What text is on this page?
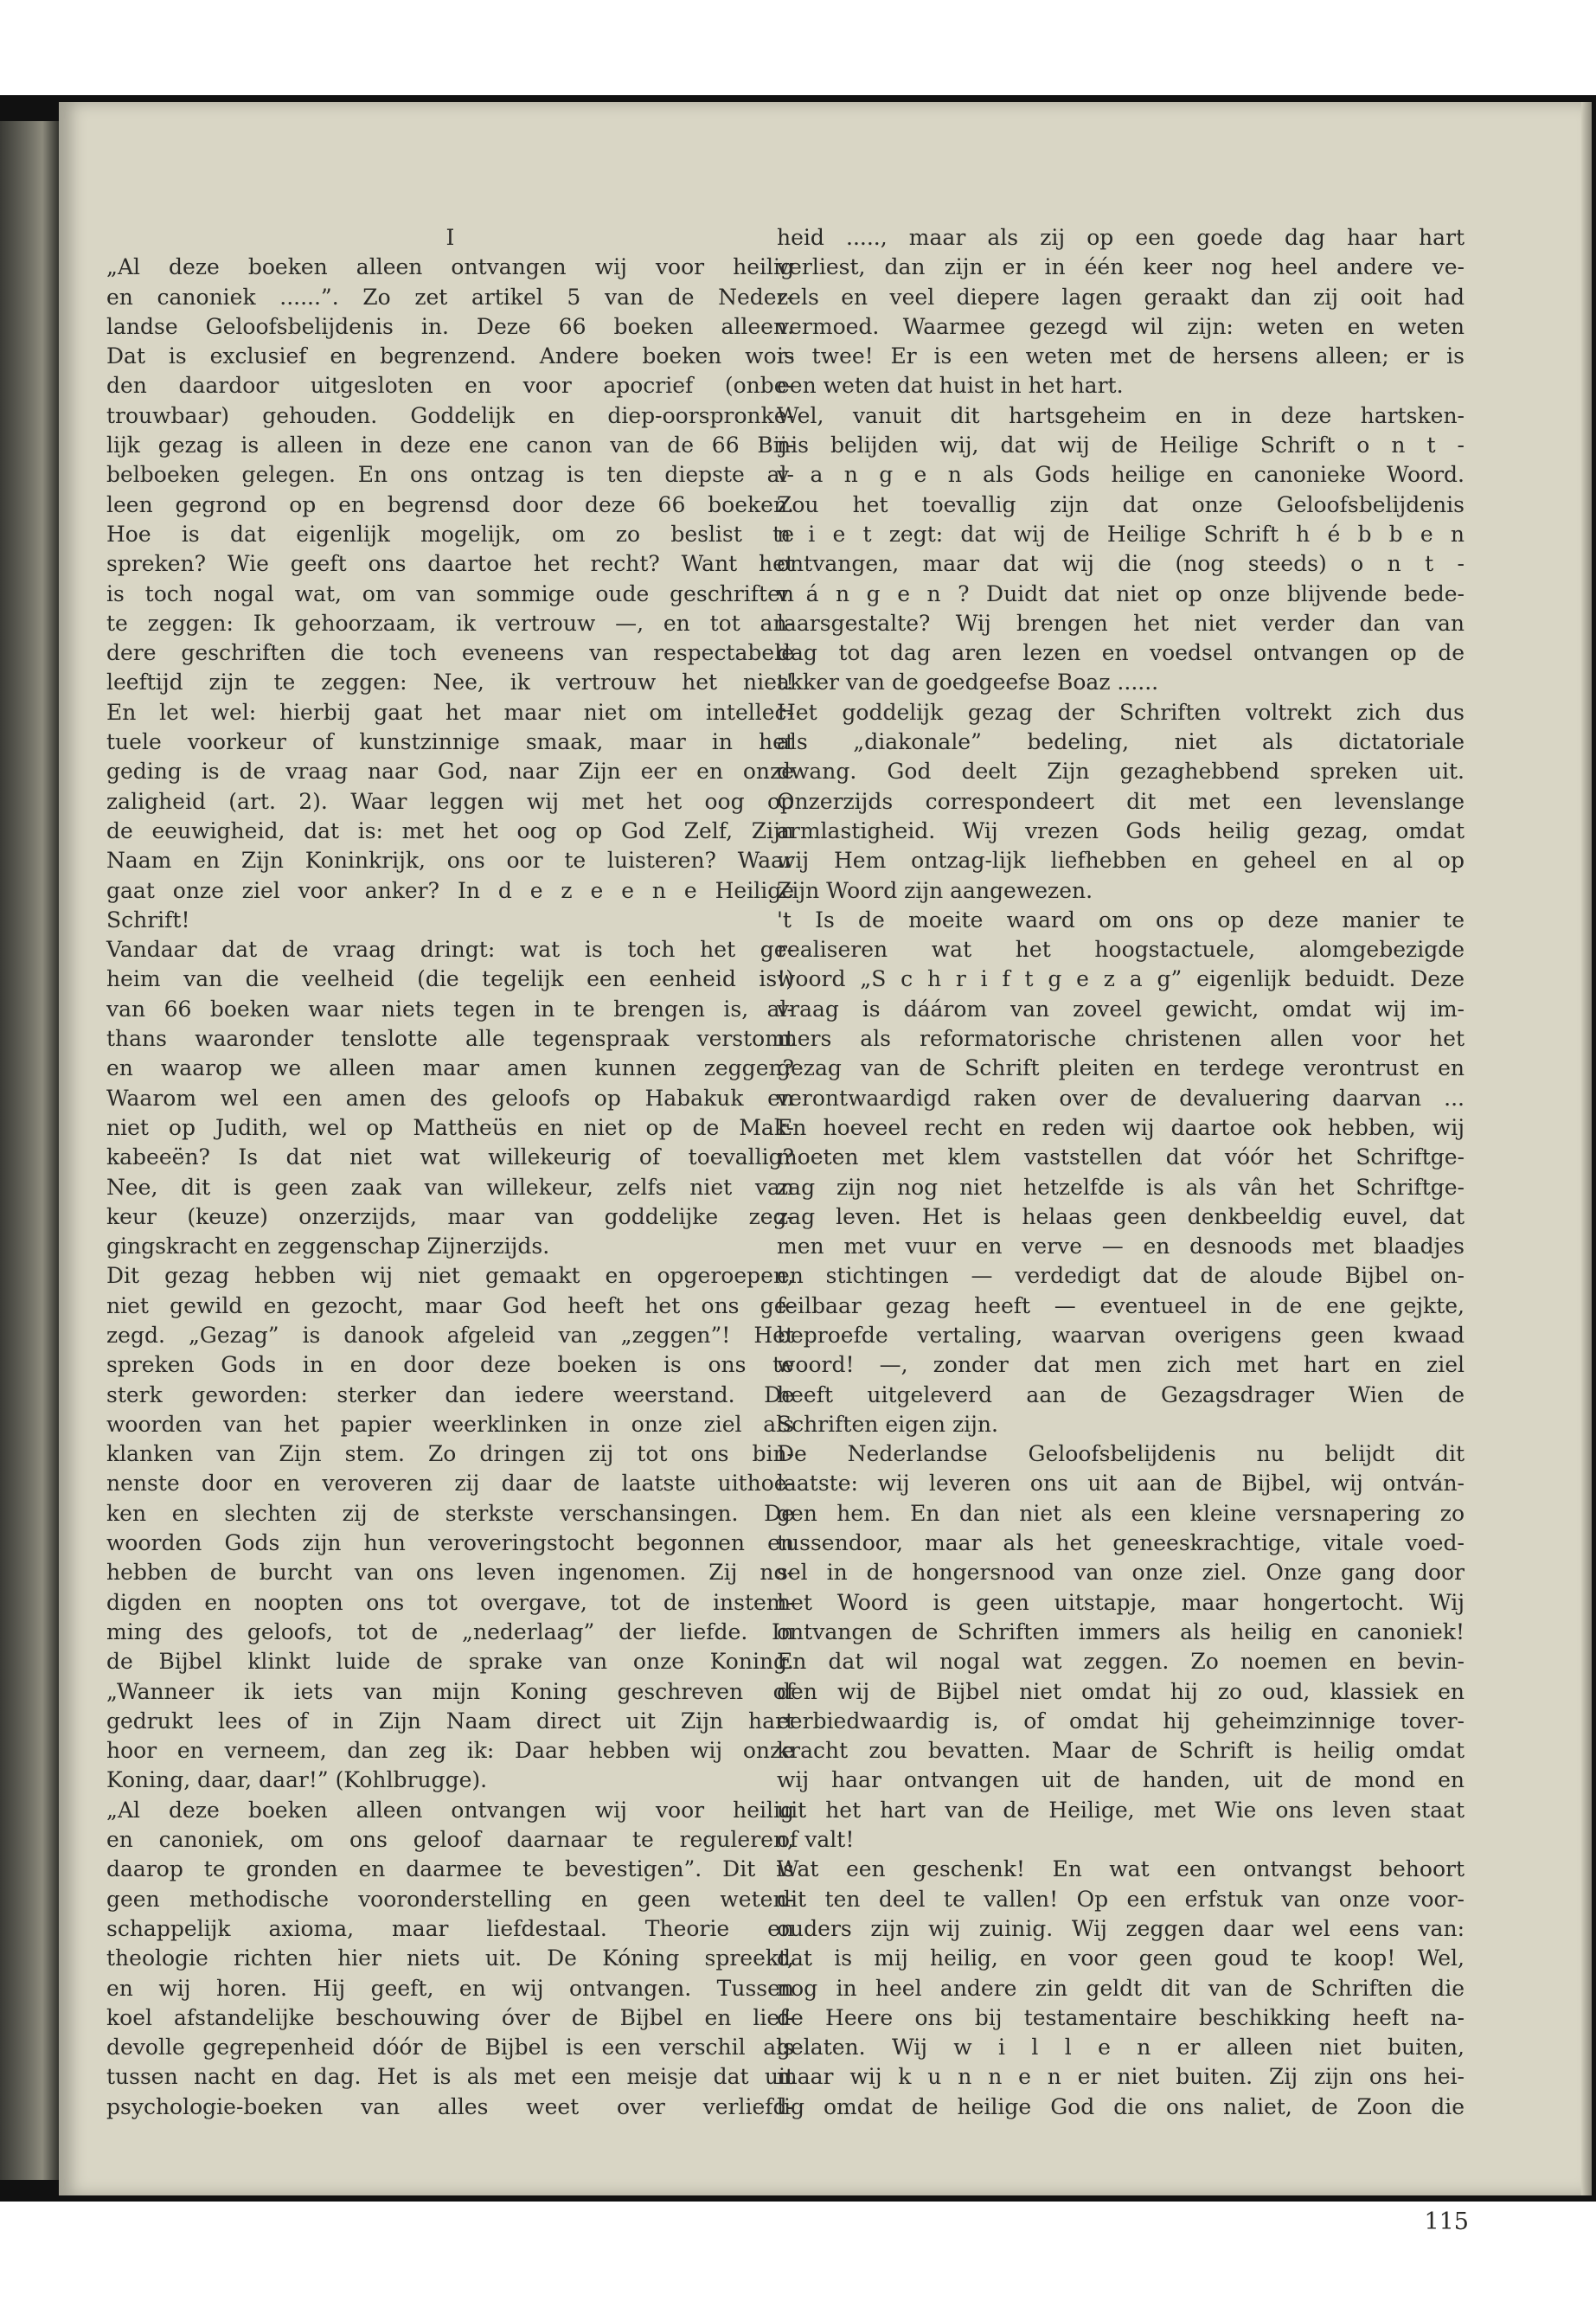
I

„Al deze boeken alleen ontvangen wij voor heilig

en canoniek ......”. Zo zet artikel 5 van de Neder-

landse Geloofsbelijdenis in. Deze 66 boeken alleen.

Dat is exclusief en begrenzend. Andere boeken wor-

den daardoor uitgesloten en voor apocrief (onbe-

trouwbaar) gehouden. Goddelijk en diep-oorspronke-

lijk gezag is alleen in deze ene canon van de 66 Bij-

belboeken gelegen. En ons ontzag is ten diepste al-

leen gegrond op en begrensd door deze 66 boeken.

Hoe is dat eigenlijk mogelijk, om zo beslist te

spreken? Wie geeft ons daartoe het recht? Want het

is toch nogal wat, om van sommige oude geschriften

te zeggen: Ik gehoorzaam, ik vertrouw —, en tot an-

dere geschriften die toch eveneens van respectabele

leeftijd zijn te zeggen: Nee, ik vertrouw het niet!

En let wel: hierbij gaat het maar niet om intellec-

tuele voorkeur of kunstzinnige smaak, maar in het

geding is de vraag naar God, naar Zijn eer en onze

zaligheid (art. 2). Waar leggen wij met het oog op

de eeuwigheid, dat is: met het oog op God Zelf, Zijn

Naam en Zijn Koninkrijk, ons oor te luisteren? Waar

gaat onze ziel voor anker? In d e z e e n e Heilige

Schrift!

Vandaar dat de vraag dringt: wat is toch het ge-

heim van die veelheid (die tegelijk een eenheid is!)

van 66 boeken waar niets tegen in te brengen is, al-

thans waaronder tenslotte alle tegenspraak verstomt

en waarop we alleen maar amen kunnen zeggen?

Waarom wel een amen des geloofs op Habakuk en

niet op Judith, wel op Mattheüs en niet op de Mak-

kabeeën? Is dat niet wat willekeurig of toevallig?

Nee, dit is geen zaak van willekeur, zelfs niet van

keur (keuze) onzerzijds, maar van goddelijke zeg-

gingskracht en zeggenschap Zijnerzijds.

Dit gezag hebben wij niet gemaakt en opgeroepen,

niet gewild en gezocht, maar God heeft het ons ge-

zegd. „Gezag” is danook afgeleid van „zeggen”! Het

spreken Gods in en door deze boeken is ons te

sterk geworden: sterker dan iedere weerstand. De

woorden van het papier weerklinken in onze ziel als

klanken van Zijn stem. Zo dringen zij tot ons bin-

nenste door en veroveren zij daar de laatste uithoe-

ken en slechten zij de sterkste verschansingen. De

woorden Gods zijn hun veroveringstocht begonnen en

hebben de burcht van ons leven ingenomen. Zij no-

digden en noopten ons tot overgave, tot de instem-

ming des geloofs, tot de „nederlaag” der liefde. In

de Bijbel klinkt luide de sprake van onze Koning.

„Wanneer ik iets van mijn Koning geschreven of

gedrukt lees of in Zijn Naam direct uit Zijn hart

hoor en verneem, dan zeg ik: Daar hebben wij onze

Koning, daar, daar!” (Kohlbrugge).

„Al deze boeken alleen ontvangen wij voor heilig

en canoniek, om ons geloof daarnaar te reguleren,

daarop te gronden en daarmee te bevestigen”. Dit is

geen methodische vooronderstelling en geen weten-

schappelijk axioma, maar liefdestaal. Theorie en

theologie richten hier niets uit. De Kóning spreekt,

en wij horen. Hij geeft, en wij ontvangen. Tussen

koel afstandelijke beschouwing óver de Bijbel en lief-

devolle gegrepenheid dóór de Bijbel is een verschil als

tussen nacht en dag. Het is als met een meisje dat uit

psychologie-boeken van alles weet over verliefd-

heid ....., maar als zij op een goede dag haar hart

verliest, dan zijn er in één keer nog heel andere ve-

zels en veel diepere lagen geraakt dan zij ooit had

vermoed. Waarmee gezegd wil zijn: weten en weten

is twee! Er is een weten met de hersens alleen; er is

een weten dat huist in het hart.

Wel, vanuit dit hartsgeheim en in deze hartsken-

nis belijden wij, dat wij de Heilige Schrift o n t -

v a n g e n als Gods heilige en canonieke Woord.

Zou het toevallig zijn dat onze Geloofsbelijdenis

n i e t zegt: dat wij de Heilige Schrift h é b b e n

ontvangen, maar dat wij die (nog steeds) o n t -

v á n g e n ? Duidt dat niet op onze blijvende bede-

laarsgestalte? Wij brengen het niet verder dan van

dag tot dag aren lezen en voedsel ontvangen op de

akker van de goedgeefse Boaz ......

Het goddelijk gezag der Schriften voltrekt zich dus

als „diakonale” bedeling, niet als dictatoriale

dwang. God deelt Zijn gezaghebbend spreken uit.

Onzerzijds correspondeert dit met een levenslange

armlastigheid. Wij vrezen Gods heilig gezag, omdat

wij Hem ontzag-lijk liefhebben en geheel en al op

Zijn Woord zijn aangewezen.

't Is de moeite waard om ons op deze manier te

realiseren wat het hoogstactuele, alomgebezigde

woord „S c h r i f t g e z a g” eigenlijk beduidt. Deze

vraag is dáárom van zoveel gewicht, omdat wij im-

mers als reformatorische christenen allen voor het

gezag van de Schrift pleiten en terdege verontrust en

verontwaardigd raken over de devaluering daarvan ...

En hoeveel recht en reden wij daartoe ook hebben, wij

moeten met klem vaststellen dat vóór het Schriftge-

zag zijn nog niet hetzelfde is als vân het Schriftge-

zag leven. Het is helaas geen denkbeeldig euvel, dat

men met vuur en verve — en desnoods met blaadjes

en stichtingen — verdedigt dat de aloude Bijbel on-

feilbaar gezag heeft — eventueel in de ene gejkte,

beproefde vertaling, waarvan overigens geen kwaad

woord! —, zonder dat men zich met hart en ziel

heeft uitgeleverd aan de Gezagsdrager Wien de

Schriften eigen zijn.

De Nederlandse Geloofsbelijdenis nu belijdt dit

laatste: wij leveren ons uit aan de Bijbel, wij ontván-

gen hem. En dan niet als een kleine versnapering zo

tussendoor, maar als het geneeskrachtige, vitale voed-

sel in de hongersnood van onze ziel. Onze gang door

het Woord is geen uitstapje, maar hongertocht. Wij

ontvangen de Schriften immers als heilig en canoniek!

En dat wil nogal wat zeggen. Zo noemen en bevin-

den wij de Bijbel niet omdat hij zo oud, klassiek en

eerbiedwaardig is, of omdat hij geheimzinnige tover-

kracht zou bevatten. Maar de Schrift is heilig omdat

wij haar ontvangen uit de handen, uit de mond en

uit het hart van de Heilige, met Wie ons leven staat

of valt!

Wat een geschenk! En wat een ontvangst behoort

dit ten deel te vallen! Op een erfstuk van onze voor-

ouders zijn wij zuinig. Wij zeggen daar wel eens van:

dat is mij heilig, en voor geen goud te koop! Wel,

nog in heel andere zin geldt dit van de Schriften die

de Heere ons bij testamentaire beschikking heeft na-

gelaten. Wij w i l l e n er alleen niet buiten,

maar wij k u n n e n er niet buiten. Zij zijn ons hei-

lig omdat de heilige God die ons naliet, de Zoon die

115
